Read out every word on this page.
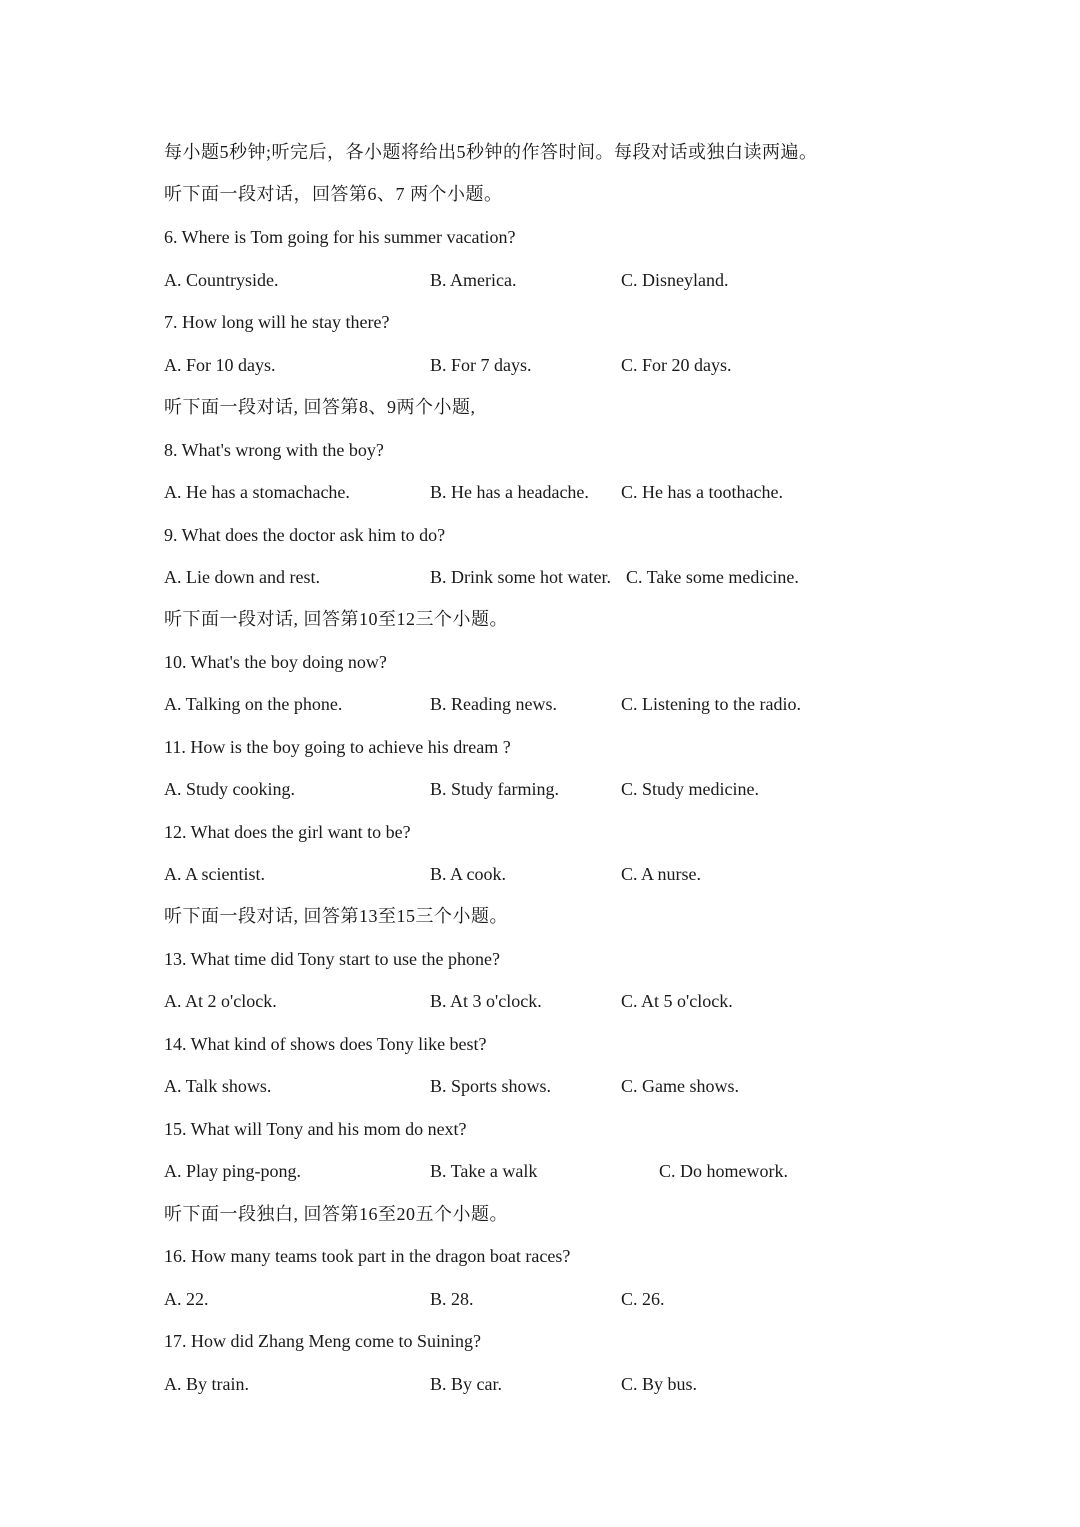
每小题5秒钟;听完后，各小题将给出5秒钟的作答时间。每段对话或独白读两遍。
听下面一段对话，回答第6、7 两个小题。
6. Where is Tom going for his summer vacation?
A. Countryside.	B. America.	C. Disneyland.
7. How long will he stay there?
A. For 10 days.	B. For 7 days.	C. For 20 days.
听下面一段对话, 回答第8、9两个小题,
8. What's wrong with the boy?
A. He has a stomachache.	B. He has a headache. C. He has a toothache.
9. What does the doctor ask him to do?
A. Lie down and rest.	B. Drink some hot water. C. Take some medicine.
听下面一段对话, 回答第10至12三个小题。
10. What's the boy doing now?
A. Talking on the phone.	B. Reading news.	C. Listening to the radio.
11. How is the boy going to achieve his dream ?
A. Study cooking.	B. Study farming.	C. Study medicine.
12. What does the girl want to be?
A. A scientist.	B. A cook.	C. A nurse.
听下面一段对话, 回答第13至15三个小题。
13. What time did Tony start to use the phone?
A. At 2 o'clock.	B. At 3 o'clock.	C. At 5 o'clock.
14. What kind of shows does Tony like best?
A. Talk shows.	B. Sports shows.	C. Game shows.
15. What will Tony and his mom do next?
A. Play ping-pong.	B. Take a walk	C. Do homework.
听下面一段独白, 回答第16至20五个小题。
16. How many teams took part in the dragon boat races?
A. 22.	B. 28.	C. 26.
17. How did Zhang Meng come to Suining?
A. By train.	B. By car.	C. By bus.
